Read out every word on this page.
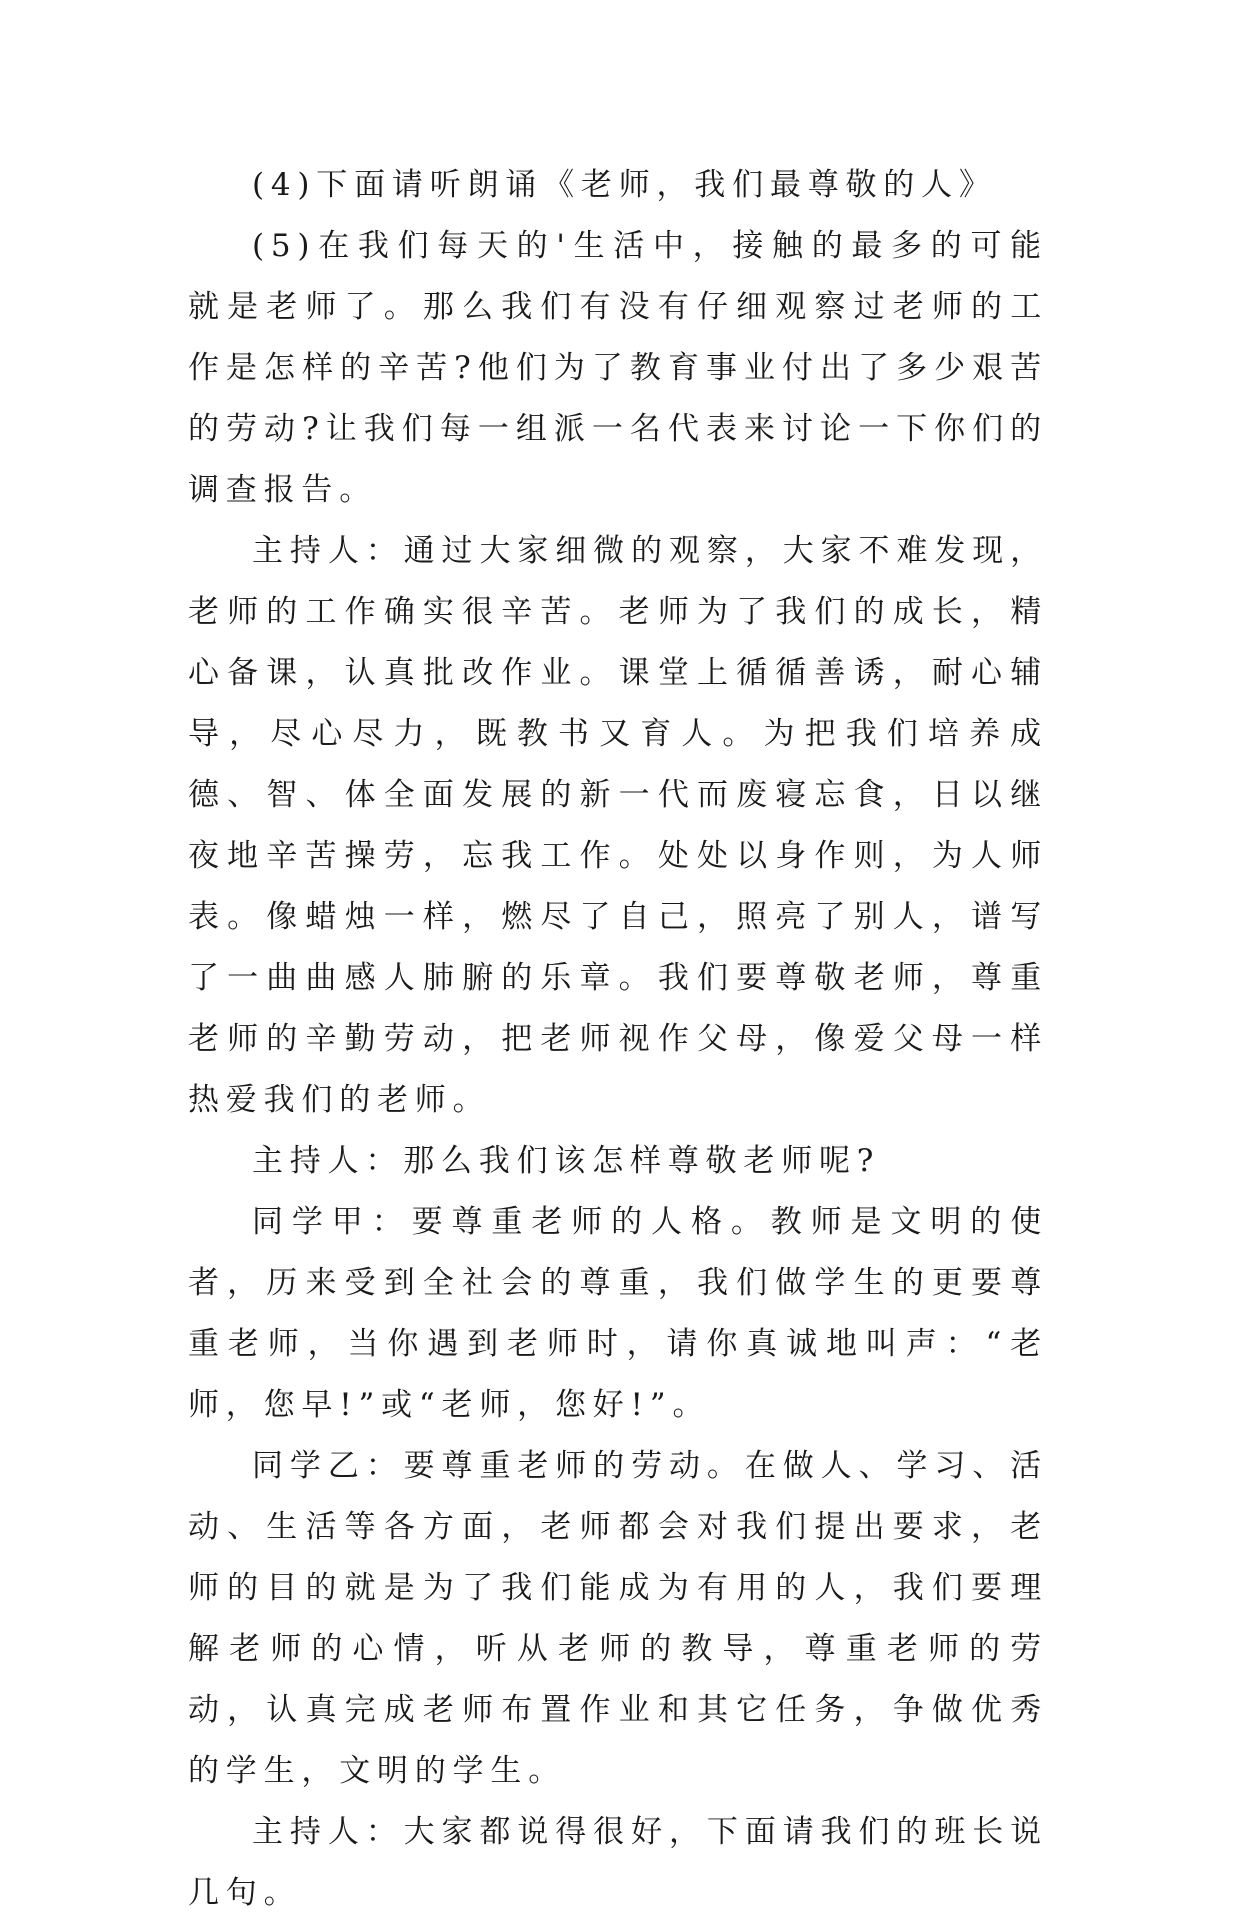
(4)下面请听朗诵《老师，我们最尊敬的人》

(5)在我们每天的'生活中，接触的最多的可能就是老师了。那么我们有没有仔细观察过老师的工作是怎样的辛苦?他们为了教育事业付出了多少艰苦的劳动?让我们每一组派一名代表来讨论一下你们的调查报告。

主持人：通过大家细微的观察，大家不难发现，老师的工作确实很辛苦。老师为了我们的成长，精心备课，认真批改作业。课堂上循循善诱，耐心辅导，尽心尽力，既教书又育人。为把我们培养成德、智、体全面发展的新一代而废寝忘食，日以继夜地辛苦操劳，忘我工作。处处以身作则，为人师表。像蜡烛一样，燃尽了自己，照亮了别人，谱写了一曲曲感人肺腑的乐章。我们要尊敬老师，尊重老师的辛勤劳动，把老师视作父母，像爱父母一样热爱我们的老师。

主持人：那么我们该怎样尊敬老师呢?

同学甲：要尊重老师的人格。教师是文明的使者，历来受到全社会的尊重，我们做学生的更要尊重老师，当你遇到老师时，请你真诚地叫声：“老师，您早!”或“老师，您好!”。

同学乙：要尊重老师的劳动。在做人、学习、活动、生活等各方面，老师都会对我们提出要求，老师的目的就是为了我们能成为有用的人，我们要理解老师的心情，听从老师的教导，尊重老师的劳动，认真完成老师布置作业和其它任务，争做优秀的学生，文明的学生。

主持人：大家都说得很好，下面请我们的班长说几句。
